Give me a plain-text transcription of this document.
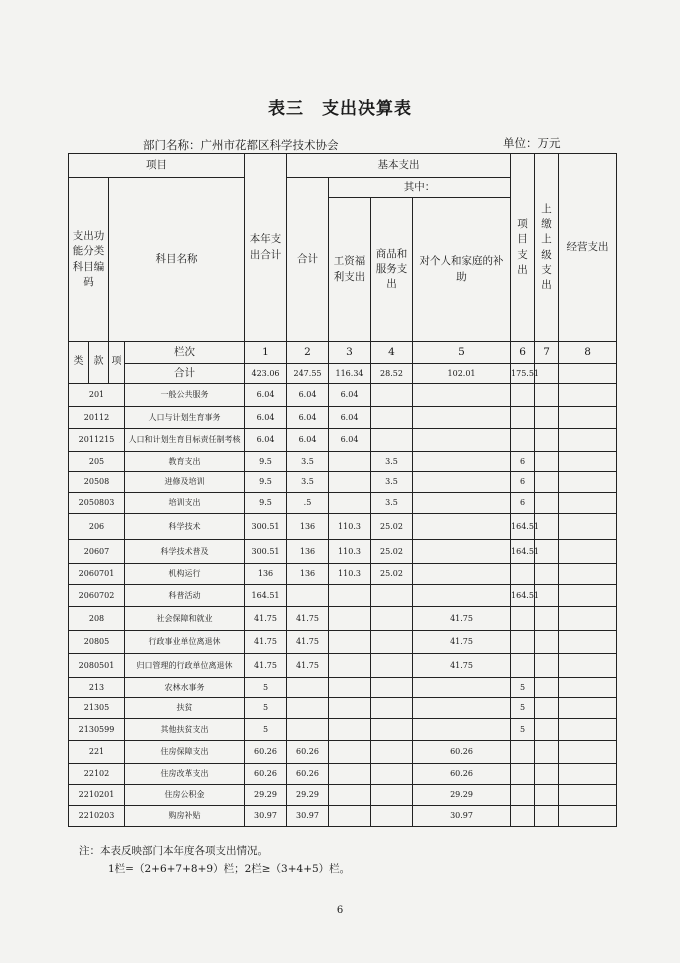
表三　支出决算表
部门名称：广州市花都区科学技术协会	单位：万元
项目				本年支出合计	基本支出				项目支出	上缴上级支出	经营支出	
支出功能分类科目编码		科目名称			合计	其中：						
						工资福利支出	商品和服务支出	对个人和家庭的补助	
类	款	项	栏次	1	2	3	4	5	6	7	8	
			合计	423.06	247.55	116.34	28.52	102.01	175.51			
201			一般公共服务	6.04	6.04	6.04						
20112			人口与计划生育事务	6.04	6.04	6.04						
2011215			人口和计划生育目标责任制考核	6.04	6.04	6.04						
205			教育支出	9.5	3.5		3.5		6			
20508			进修及培训	9.5	3.5		3.5		6			
2050803			培训支出	9.5	.5		3.5		6			
206			科学技术	300.51	136	110.3	25.02		164.51			
20607			科学技术普及	300.51	136	110.3	25.02		164.51			
2060701			机构运行	136	136	110.3	25.02					
2060702			科普活动	164.51					164.51			
208			社会保障和就业	41.75	41.75			41.75				
20805			行政事业单位离退休	41.75	41.75			41.75				
2080501			归口管理的行政单位离退休	41.75	41.75			41.75				
213			农林水事务	5					5			
21305			扶贫	5					5			
2130599			其他扶贫支出	5					5			
221			住房保障支出	60.26	60.26			60.26				
22102			住房改革支出	60.26	60.26			60.26				
2210201			住房公积金	29.29	29.29			29.29				
2210203			购房补贴	30.97	30.97			30.97				
注：本表反映部门本年度各项支出情况。
1栏=（2+6+7+8+9）栏；2栏≥（3+4+5）栏。
6
